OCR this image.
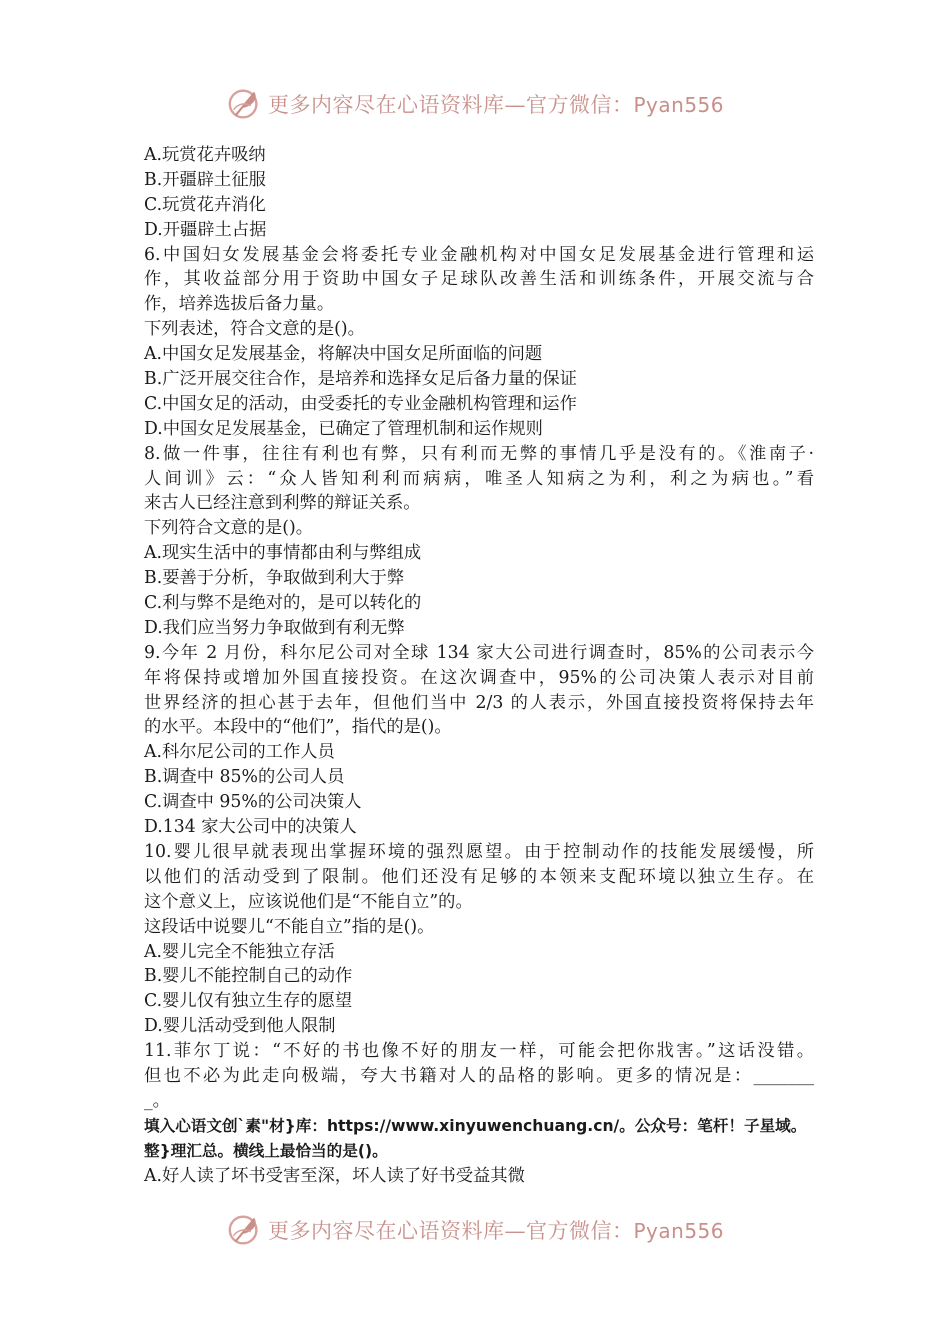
更多内容尽在心语资料库—官方微信：Pyan556
A.玩赏花卉吸纳
B.开疆辟土征服
C.玩赏花卉消化
D.开疆辟土占据
6.中国妇女发展基金会将委托专业金融机构对中国女足发展基金进行管理和运
作，其收益部分用于资助中国女子足球队改善生活和训练条件，开展交流与合
作，培养选拔后备力量。
下列表述，符合文意的是()。
A.中国女足发展基金，将解决中国女足所面临的问题
B.广泛开展交往合作，是培养和选择女足后备力量的保证
C.中国女足的活动，由受委托的专业金融机构管理和运作
D.中国女足发展基金，已确定了管理机制和运作规则
8.做一件事，往往有利也有弊，只有利而无弊的事情几乎是没有的。《淮南子·
人间训》云：“众人皆知利利而病病，唯圣人知病之为利，利之为病也。”看
来古人已经注意到利弊的辩证关系。
下列符合文意的是()。
A.现实生活中的事情都由利与弊组成
B.要善于分析，争取做到利大于弊
C.利与弊不是绝对的，是可以转化的
D.我们应当努力争取做到有利无弊
9.今年 2 月份，科尔尼公司对全球 134 家大公司进行调查时，85%的公司表示今
年将保持或增加外国直接投资。在这次调查中，95%的公司决策人表示对目前
世界经济的担心甚于去年，但他们当中 2/3 的人表示，外国直接投资将保持去年
的水平。本段中的“他们”，指代的是()。
A.科尔尼公司的工作人员
B.调查中 85%的公司人员
C.调查中 95%的公司决策人
D.134 家大公司中的决策人
10.婴儿很早就表现出掌握环境的强烈愿望。由于控制动作的技能发展缓慢，所
以他们的活动受到了限制。他们还没有足够的本领来支配环境以独立生存。在
这个意义上，应该说他们是“不能自立”的。
这段话中说婴儿“不能自立”指的是()。
A.婴儿完全不能独立存活
B.婴儿不能控制自己的动作
C.婴儿仅有独立生存的愿望
D.婴儿活动受到他人限制
11.菲尔丁说：“不好的书也像不好的朋友一样，可能会把你戕害。”这话没错。
但也不必为此走向极端，夸大书籍对人的品格的影响。更多的情况是：_______
_。
填入心语文创`素"材}库：https://www.xinyuwenchuang.cn/。公众号：笔杆！子星域。
整}理汇总。横线上最恰当的是()。
A.好人读了坏书受害至深，坏人读了好书受益其微
更多内容尽在心语资料库—官方微信：Pyan556
